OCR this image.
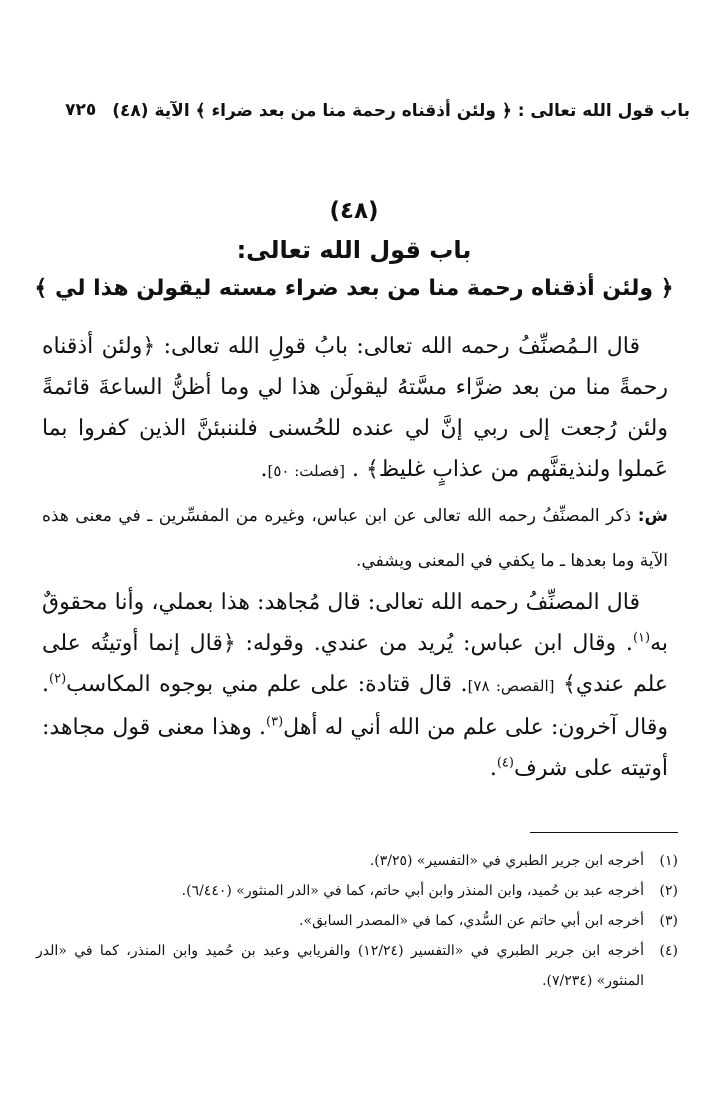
باب قول الله تعالى : ﴿ ولئن أذقناه رحمة منا من بعد ضراء ﴾ الآية (٤٨)
٧٢٥
(٤٨)
باب قول الله تعالى:
﴿ ولئن أذقناه رحمة منا من بعد ضراء مسته ليقولن هذا لي ﴾
قال الـمُصنِّفُ رحمه الله تعالى: بابُ قولِ الله تعالى: ﴿ولئن أذقناه رحمةً منا من بعد ضرَّاء مسَّتهُ ليقولَن هذا لي وما أظنُّ الساعةَ قائمةً ولئن رُجعت إلى ربي إنَّ لي عنده للحُسنى فلننبئنَّ الذين كفروا بما عَملوا ولنذيقنَّهم من عذابٍ غليظ﴾ . [فصلت: ٥٠].
ش: ذكر المصنِّفُ رحمه الله تعالى عن ابن عباس، وغيره من المفسِّرين ـ في معنى هذه الآية وما بعدها ـ ما يكفي في المعنى ويشفي.
قال المصنِّفُ رحمه الله تعالى: قال مُجاهد: هذا بعملي، وأنا محقوقٌ به$^{(١)}$. وقال ابن عباس: يُريد من عندي. وقوله: ﴿قال إنما أوتيتُه على علم عندي﴾ [القصص: ٧٨]. قال قتادة: على علم مني بوجوه المكاسب$^{(٢)}$. وقال آخرون: على علم من الله أني له أهل$^{(٣)}$. وهذا معنى قول مجاهد: أوتيته على شرف$^{(٤)}$.
(١)
أخرجه ابن جرير الطبري في «التفسير» (٣/٢٥).
(٢)
أخرجه عبد بن حُميد، وابن المنذر وابن أبي حاتم، كما في «الدر المنثور» (٦/٤٤٠).
(٣)
أخرجه ابن أبي حاتم عن السُّدي، كما في «المصدر السابق».
(٤)
أخرجه ابن جرير الطبري في «التفسير (١٢/٢٤) والفريابي وعبد بن حُميد وابن المنذر، كما في «الدر المنثور» (٧/٢٣٤).
